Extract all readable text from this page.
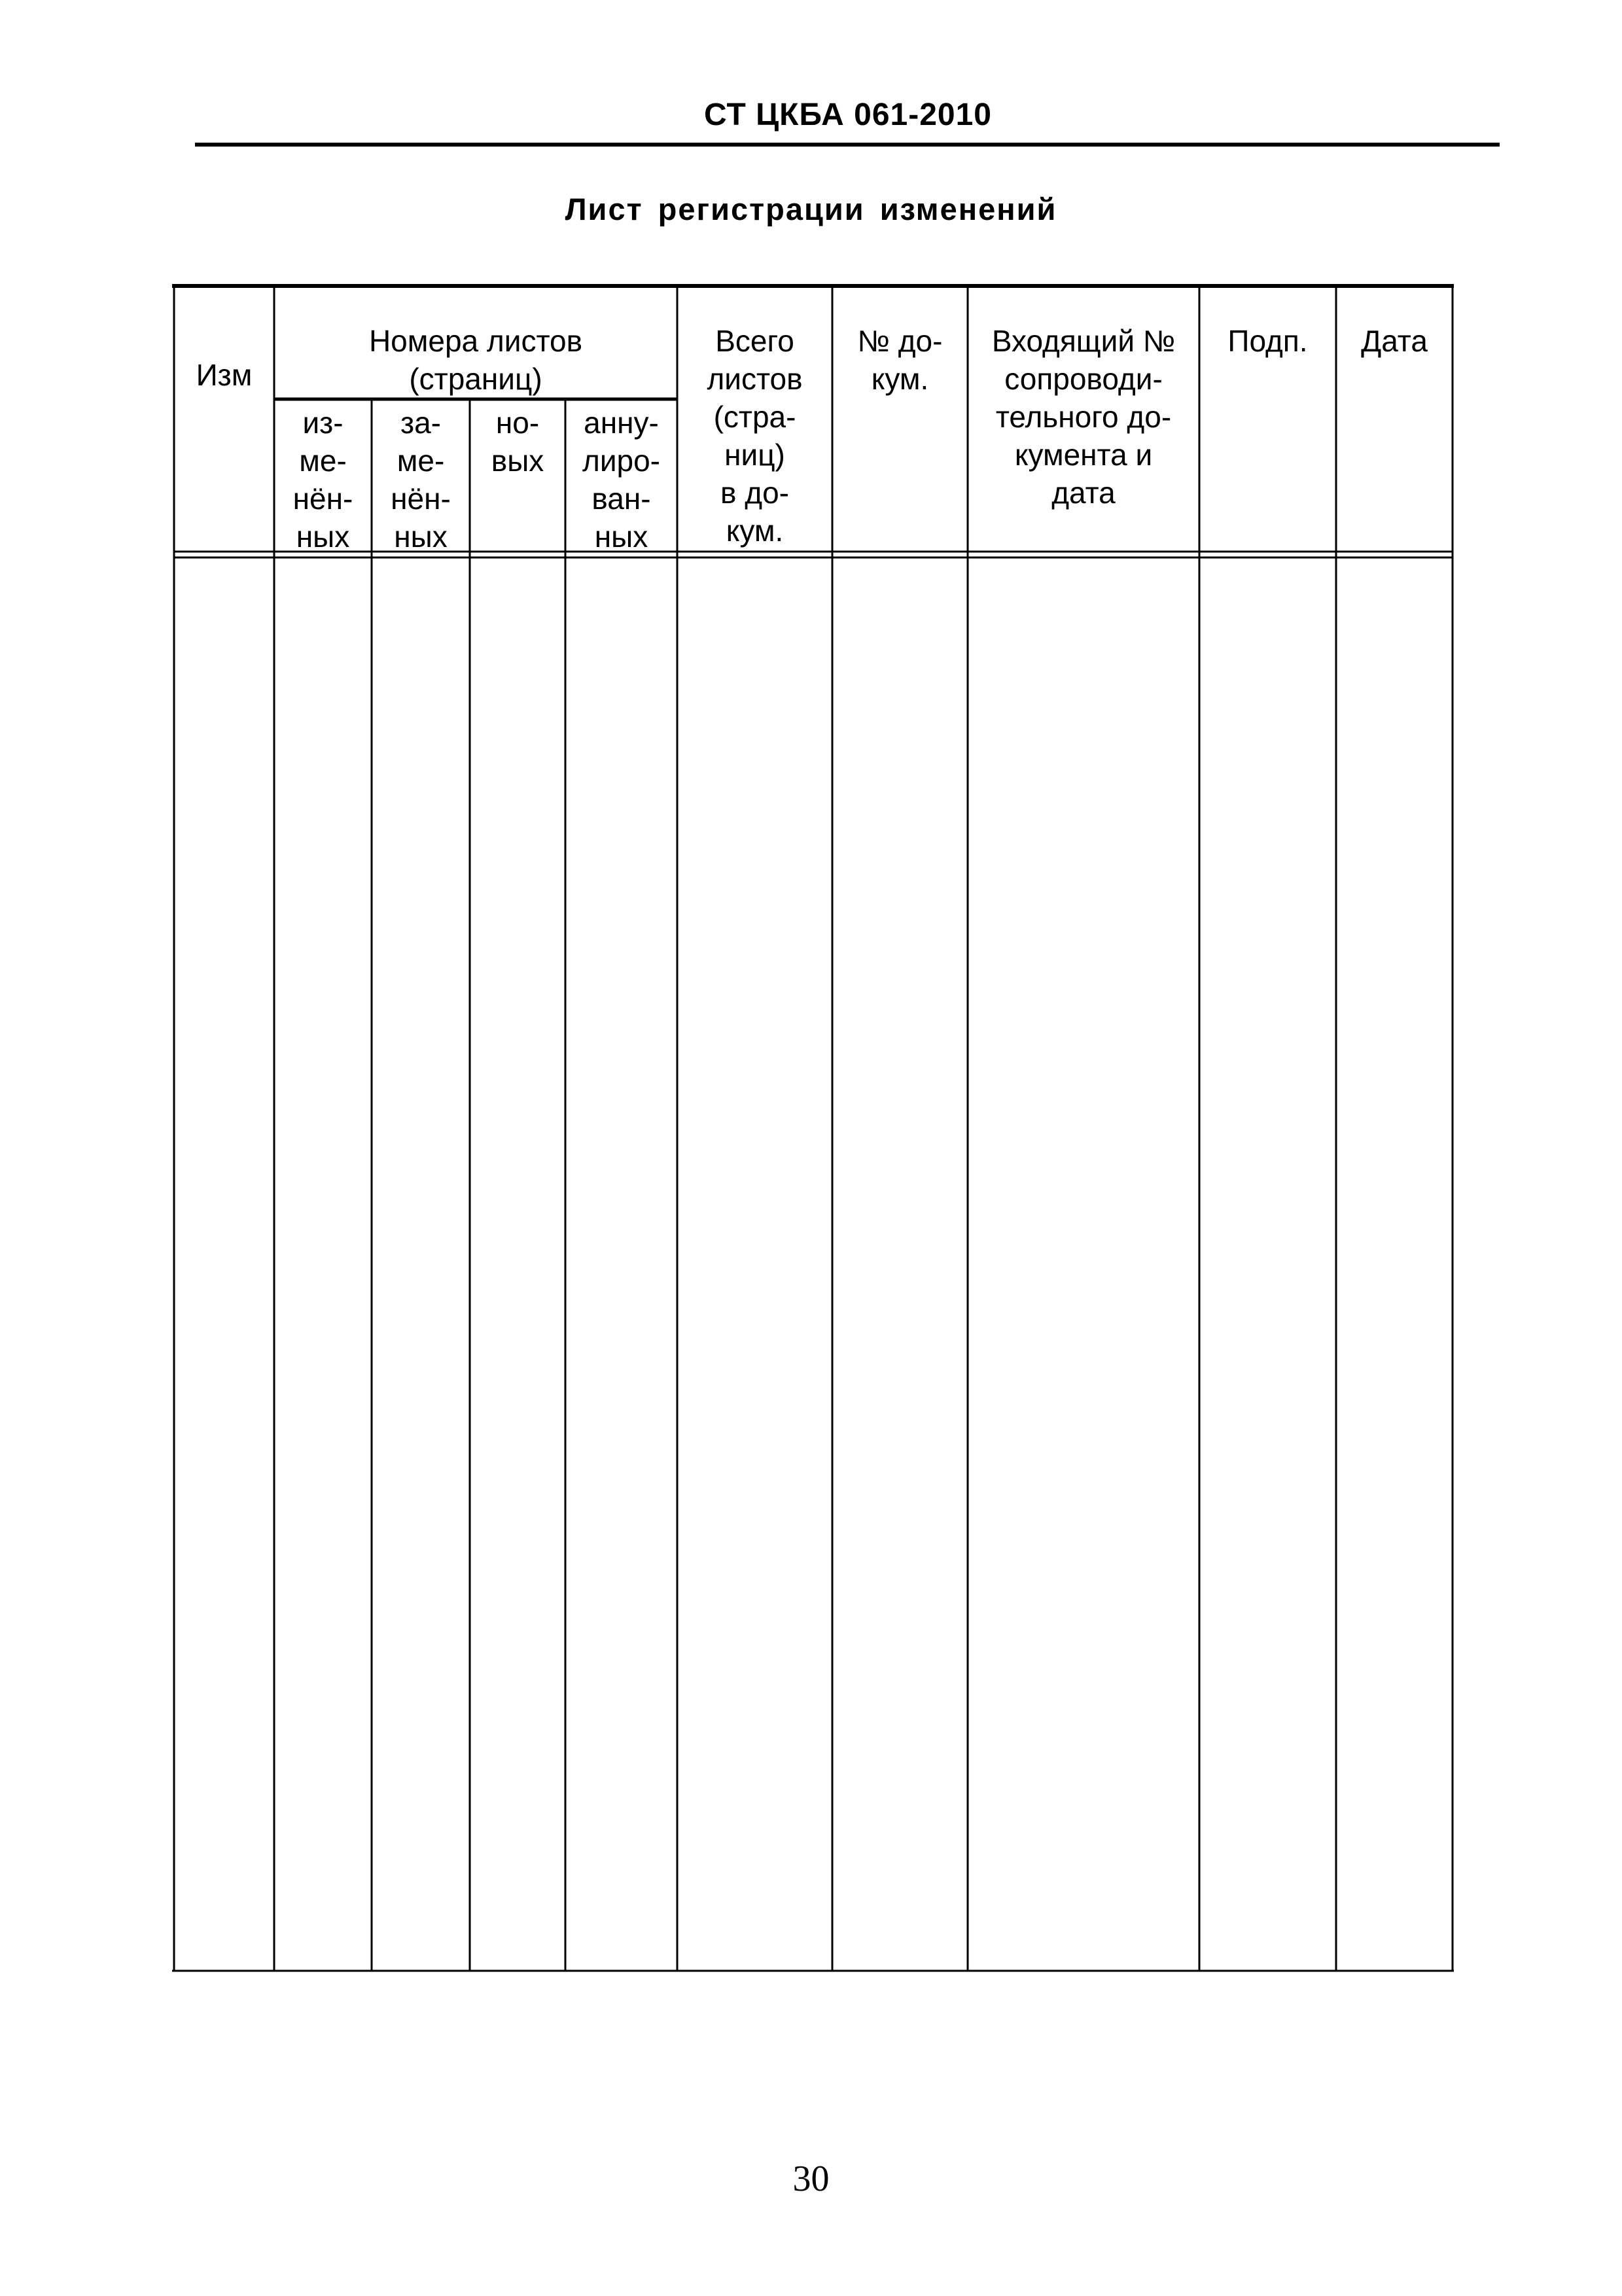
СТ ЦКБА 061-2010
Лист регистрации изменений
Изм
Номера листов
(страниц)
из-
ме-
нён-
ных
за-
ме-
нён-
ных
но-
вых
анну-
лиро-
ван-
ных
Всего
листов
(стра-
ниц)
в до-
кум.
№ до-
кум.
Входящий №
сопроводи-
тельного до-
кумента и
дата
Подп.	Дата
30
